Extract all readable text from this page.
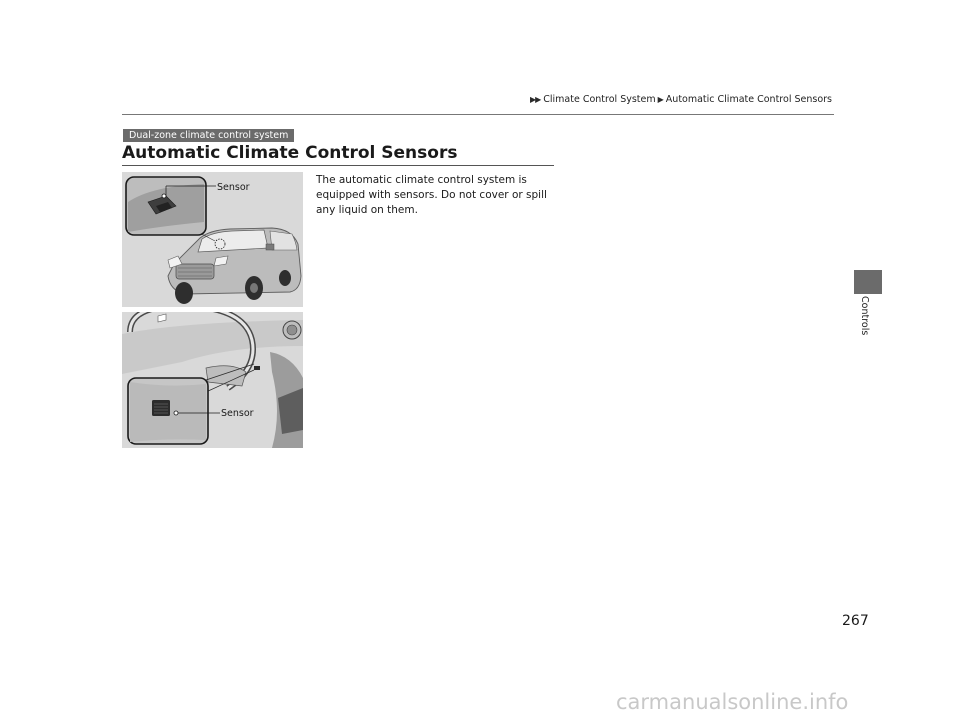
▶▶ Climate Control System ▶ Automatic Climate Control Sensors
Dual-zone climate control system
Automatic Climate Control Sensors

The automatic climate control system is equipped with sensors. Do not cover or spill any liquid on them.

Sensor
Sensor
Controls
267
carmanualsonline.info
